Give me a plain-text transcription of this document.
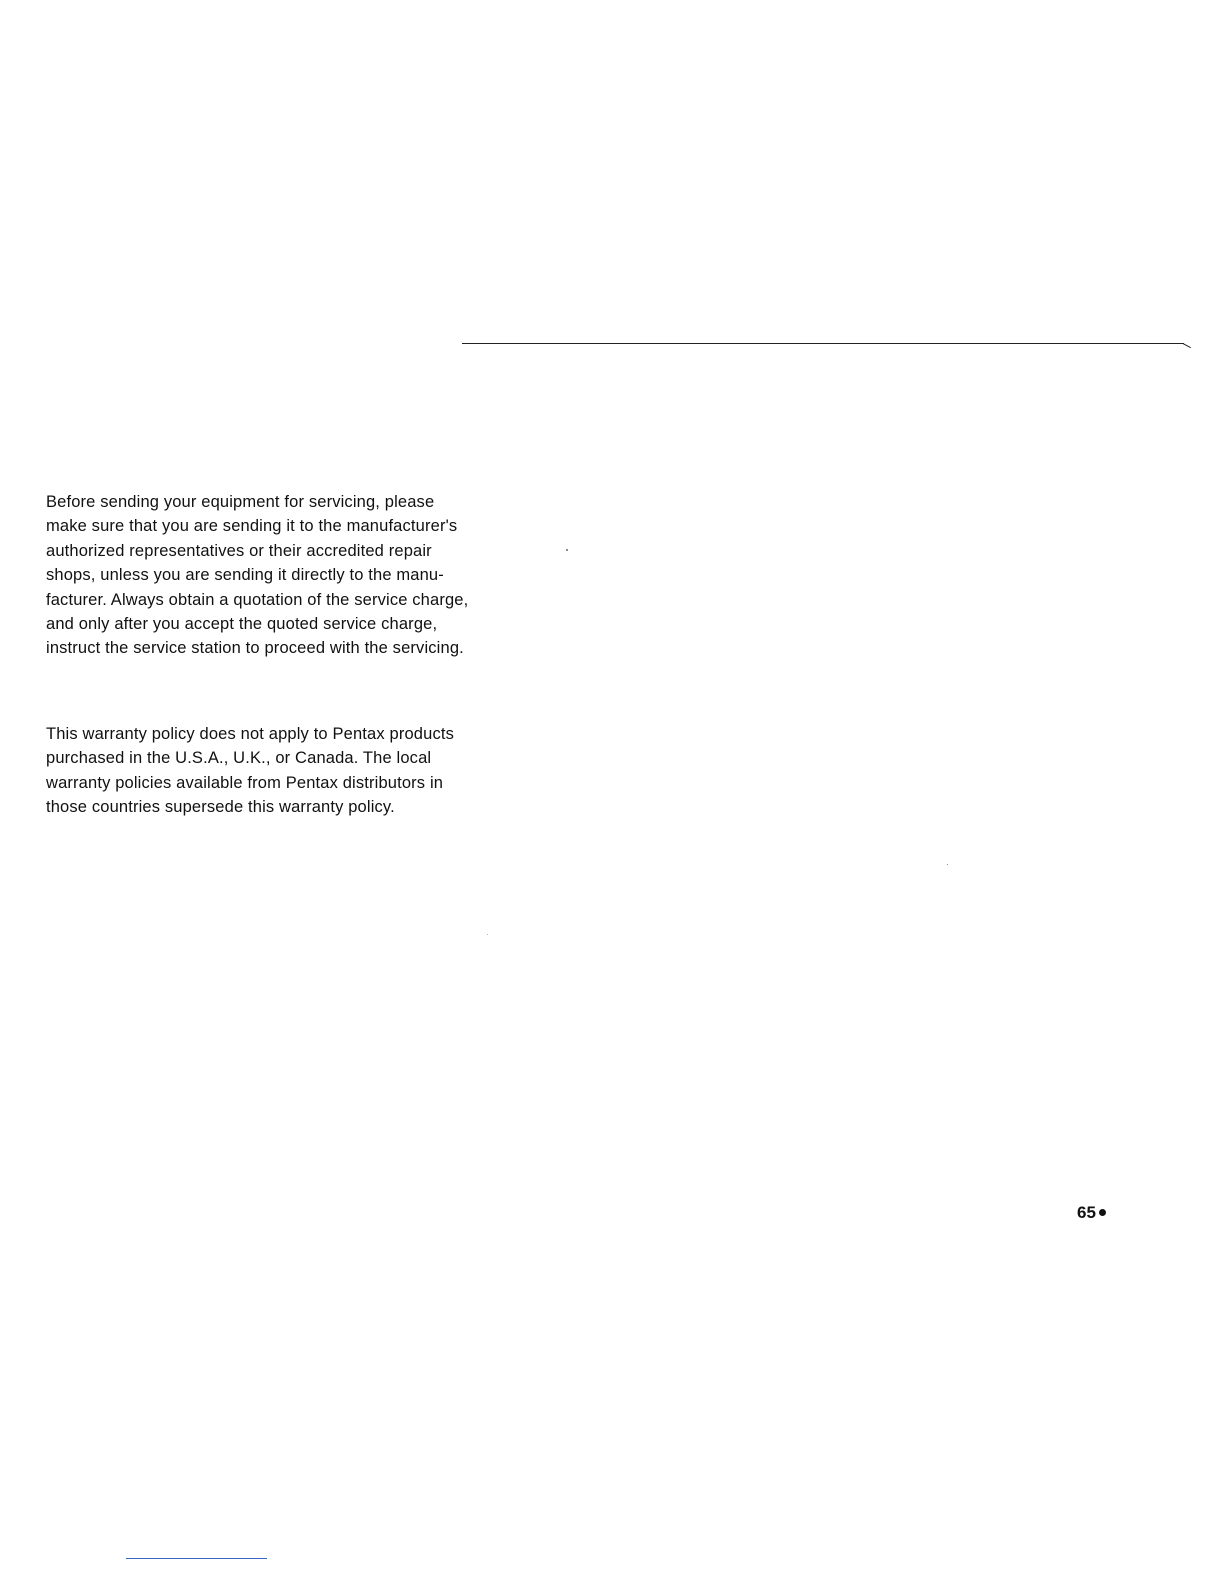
Before sending your equipment for servicing, please
make sure that you are sending it to the manufacturer's
authorized representatives or their accredited repair
shops, unless you are sending it directly to the manu-
facturer. Always obtain a quotation of the service charge,
and only after you accept the quoted service charge,
instruct the service station to proceed with the servicing.

This warranty policy does not apply to Pentax products
purchased in the U.S.A., U.K., or Canada. The local
warranty policies available from Pentax distributors in
those countries supersede this warranty policy.

65
